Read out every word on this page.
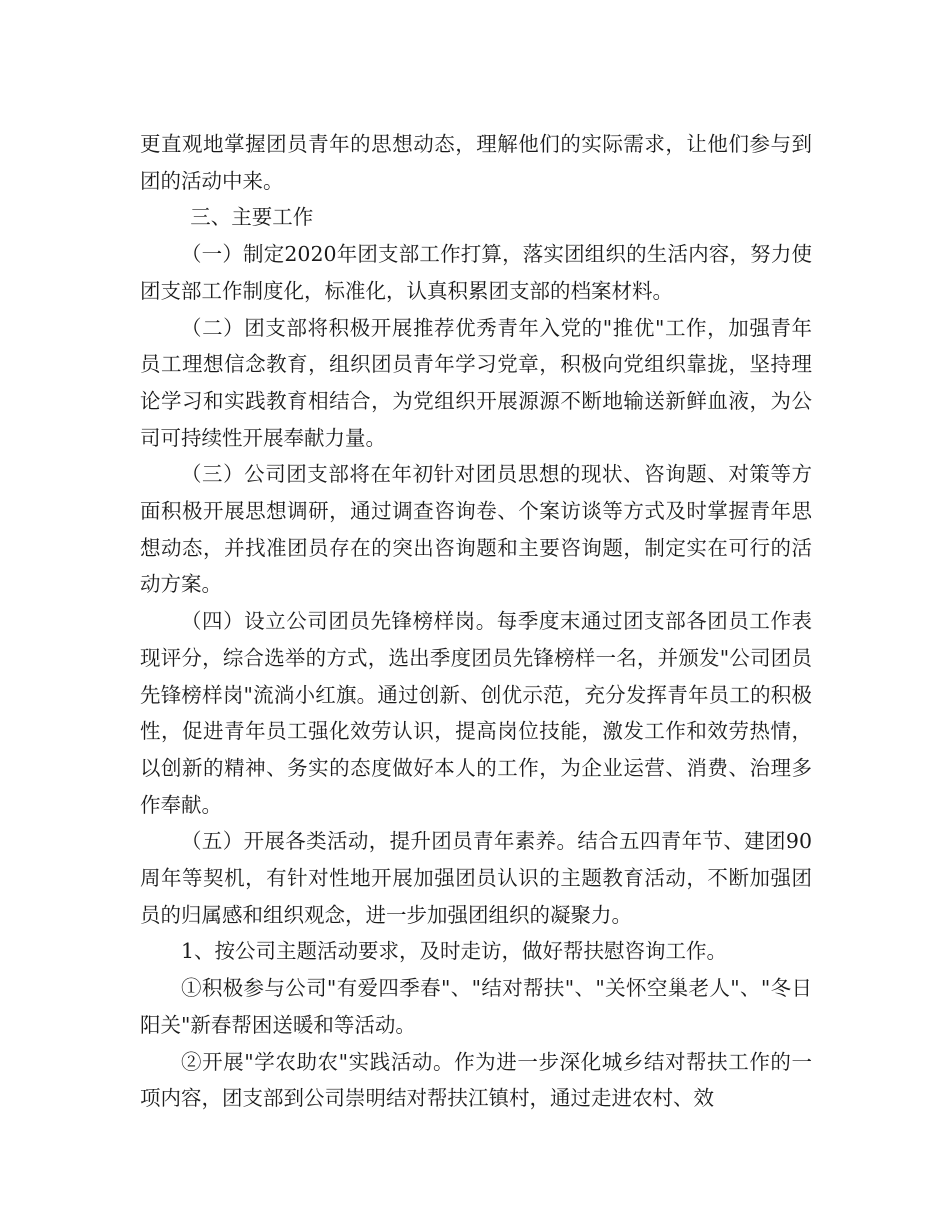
更直观地掌握团员青年的思想动态，理解他们的实际需求，让他们参与到团的活动中来。

三、主要工作

（一）制定2020年团支部工作打算，落实团组织的生活内容，努力使团支部工作制度化，标准化，认真积累团支部的档案材料。

（二）团支部将积极开展推荐优秀青年入党的"推优"工作，加强青年员工理想信念教育，组织团员青年学习党章，积极向党组织靠拢，坚持理论学习和实践教育相结合，为党组织开展源源不断地输送新鲜血液，为公司可持续性开展奉献力量。

（三）公司团支部将在年初针对团员思想的现状、咨询题、对策等方面积极开展思想调研，通过调查咨询卷、个案访谈等方式及时掌握青年思想动态，并找准团员存在的突出咨询题和主要咨询题，制定实在可行的活动方案。

（四）设立公司团员先锋榜样岗。每季度末通过团支部各团员工作表现评分，综合选举的方式，选出季度团员先锋榜样一名，并颁发"公司团员先锋榜样岗"流淌小红旗。通过创新、创优示范，充分发挥青年员工的积极性，促进青年员工强化效劳认识，提高岗位技能，激发工作和效劳热情，以创新的精神、务实的态度做好本人的工作，为企业运营、消费、治理多作奉献。

（五）开展各类活动，提升团员青年素养。结合五四青年节、建团90周年等契机，有针对性地开展加强团员认识的主题教育活动，不断加强团员的归属感和组织观念，进一步加强团组织的凝聚力。

1、按公司主题活动要求，及时走访，做好帮扶慰咨询工作。

①积极参与公司"有爱四季春"、"结对帮扶"、"关怀空巢老人"、"冬日阳关"新春帮困送暖和等活动。

②开展"学农助农"实践活动。作为进一步深化城乡结对帮扶工作的一项内容，团支部到公司崇明结对帮扶江镇村，通过走进农村、效
